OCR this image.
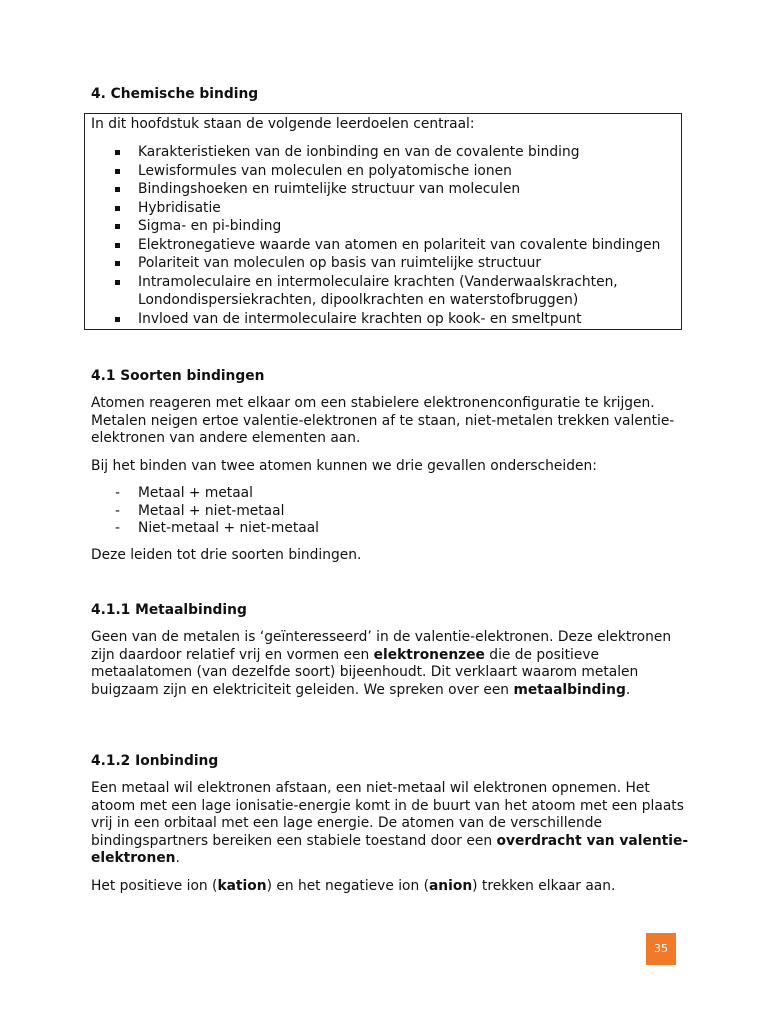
4. Chemische binding
In dit hoofdstuk staan de volgende leerdoelen centraal:
Karakteristieken van de ionbinding en van de covalente binding
Lewisformules van moleculen en polyatomische ionen
Bindingshoeken en ruimtelijke structuur van moleculen
Hybridisatie
Sigma- en pi-binding
Elektronegatieve waarde van atomen en polariteit van covalente bindingen
Polariteit van moleculen op basis van ruimtelijke structuur
Intramoleculaire en intermoleculaire krachten (Vanderwaalskrachten, Londondispersiekrachten, dipoolkrachten en waterstofbruggen)
Invloed van de intermoleculaire krachten op kook- en smeltpunt
4.1 Soorten bindingen

Atomen reageren met elkaar om een stabielere elektronenconfiguratie te krijgen. Metalen neigen ertoe valentie-elektronen af te staan, niet-metalen trekken valentie-elektronen van andere elementen aan.

Bij het binden van twee atomen kunnen we drie gevallen onderscheiden:

- Metaal + metaal
- Metaal + niet-metaal
- Niet-metaal + niet-metaal

Deze leiden tot drie soorten bindingen.

4.1.1 Metaalbinding

Geen van de metalen is ‘geïnteresseerd’ in de valentie-elektronen. Deze elektronen zijn daardoor relatief vrij en vormen een elektronenzee die de positieve metaalatomen (van dezelfde soort) bijeenhoudt. Dit verklaart waarom metalen buigzaam zijn en elektriciteit geleiden. We spreken over een metaalbinding.

4.1.2 Ionbinding

Een metaal wil elektronen afstaan, een niet-metaal wil elektronen opnemen. Het atoom met een lage ionisatie-energie komt in de buurt van het atoom met een plaats vrij in een orbitaal met een lage energie. De atomen van de verschillende bindingspartners bereiken een stabiele toestand door een overdracht van valentie-elektronen.

Het positieve ion (kation) en het negatieve ion (anion) trekken elkaar aan.

35
